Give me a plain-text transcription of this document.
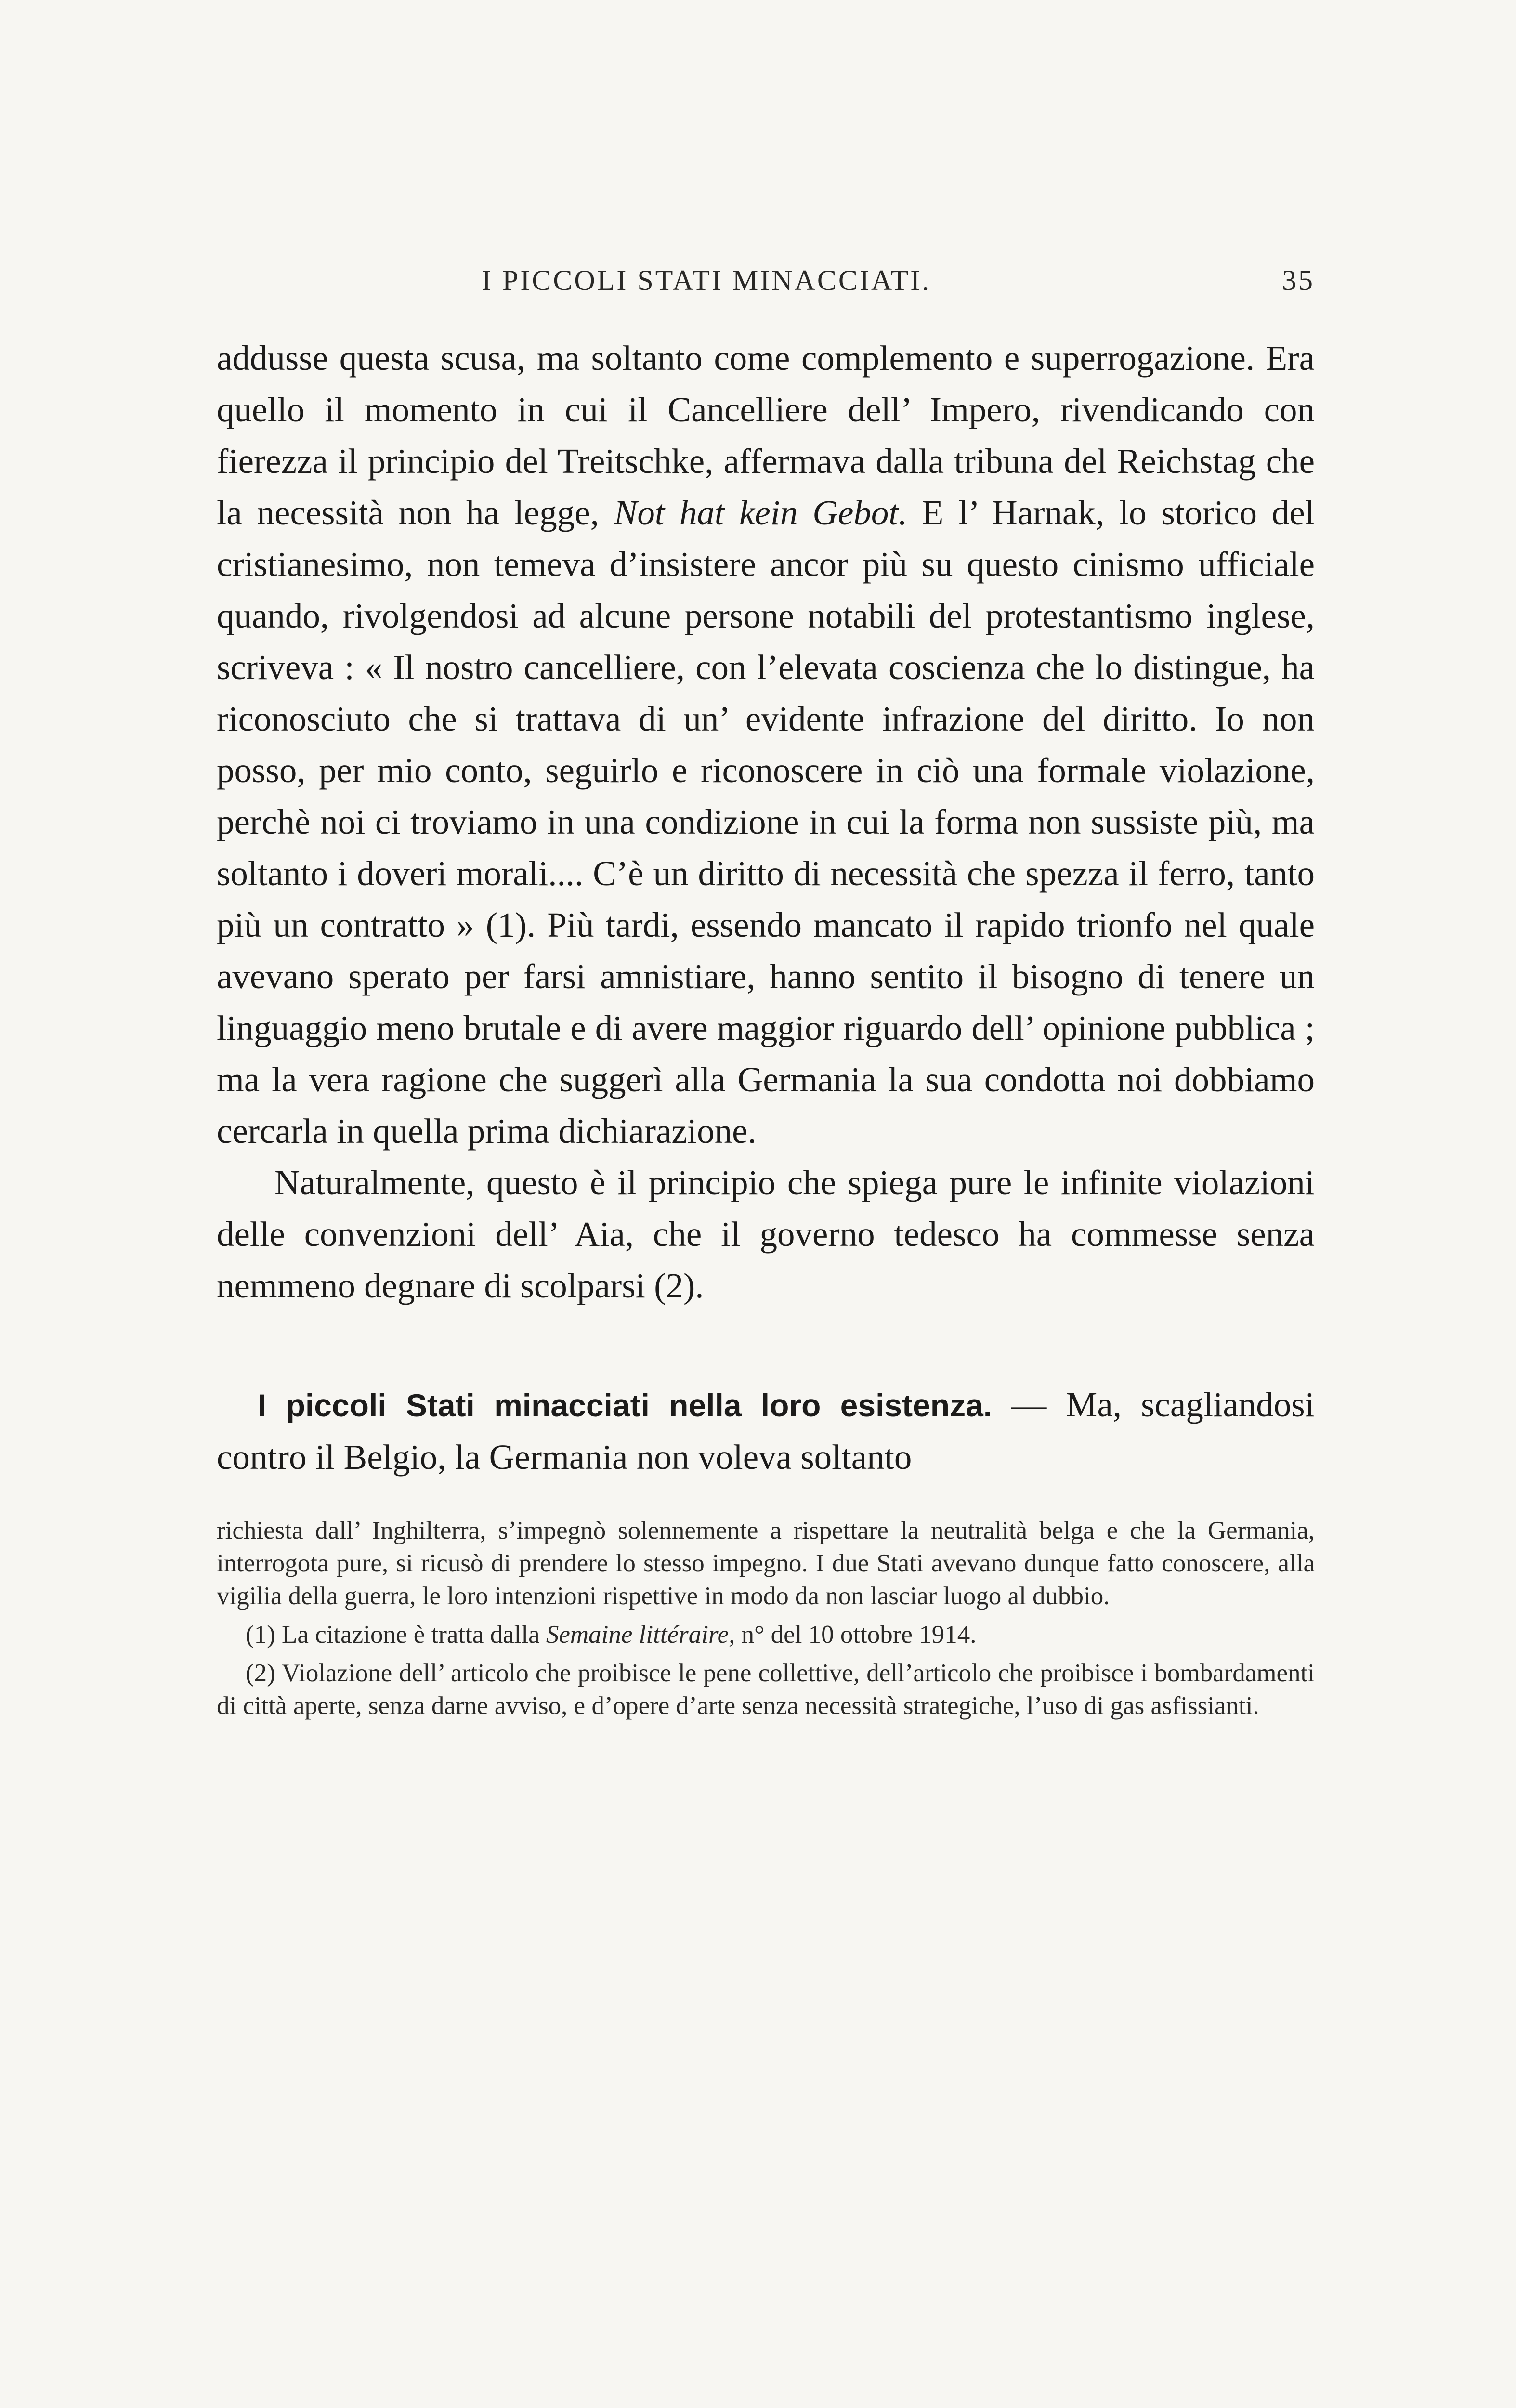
I PICCOLI STATI MINACCIATI.	35

addusse questa scusa, ma soltanto come complemento e superrogazione. Era quello il momento in cui il Cancelliere dell’ Impero, rivendicando con fierezza il principio del Treitschke, affermava dalla tribuna del Reichstag che la necessità non ha legge, Not hat kein Gebot. E l’ Harnak, lo storico del cristianesimo, non temeva d’insistere ancor più su questo cinismo ufficiale quando, rivolgendosi ad alcune persone notabili del protestantismo inglese, scriveva : « Il nostro cancelliere, con l’elevata coscienza che lo distingue, ha riconosciuto che si trattava di un’ evidente infrazione del diritto. Io non posso, per mio conto, seguirlo e riconoscere in ciò una formale violazione, perchè noi ci troviamo in una condizione in cui la forma non sussiste più, ma soltanto i doveri morali.... C’è un diritto di necessità che spezza il ferro, tanto più un contratto » (1). Più tardi, essendo mancato il rapido trionfo nel quale avevano sperato per farsi amnistiare, hanno sentito il bisogno di tenere un linguaggio meno brutale e di avere maggior riguardo dell’ opinione pubblica ; ma la vera ragione che suggerì alla Germania la sua condotta noi dobbiamo cercarla in quella prima dichiarazione.

Naturalmente, questo è il principio che spiega pure le infinite violazioni delle convenzioni dell’ Aia, che il governo tedesco ha commesse senza nemmeno degnare di scolparsi (2).

I piccoli Stati minacciati nella loro esistenza. — Ma, scagliandosi contro il Belgio, la Germania non voleva soltanto

richiesta dall’ Inghilterra, s’impegnò solennemente a rispettare la neutralità belga e che la Germania, interrogota pure, si ricusò di prendere lo stesso impegno. I due Stati avevano dunque fatto conoscere, alla vigilia della guerra, le loro intenzioni rispettive in modo da non lasciar luogo al dubbio.

(1) La citazione è tratta dalla Semaine littéraire, n° del 10 ottobre 1914.

(2) Violazione dell’ articolo che proibisce le pene collettive, dell’articolo che proibisce i bombardamenti di città aperte, senza darne avviso, e d’opere d’arte senza necessità strategiche, l’uso di gas asfissianti.
